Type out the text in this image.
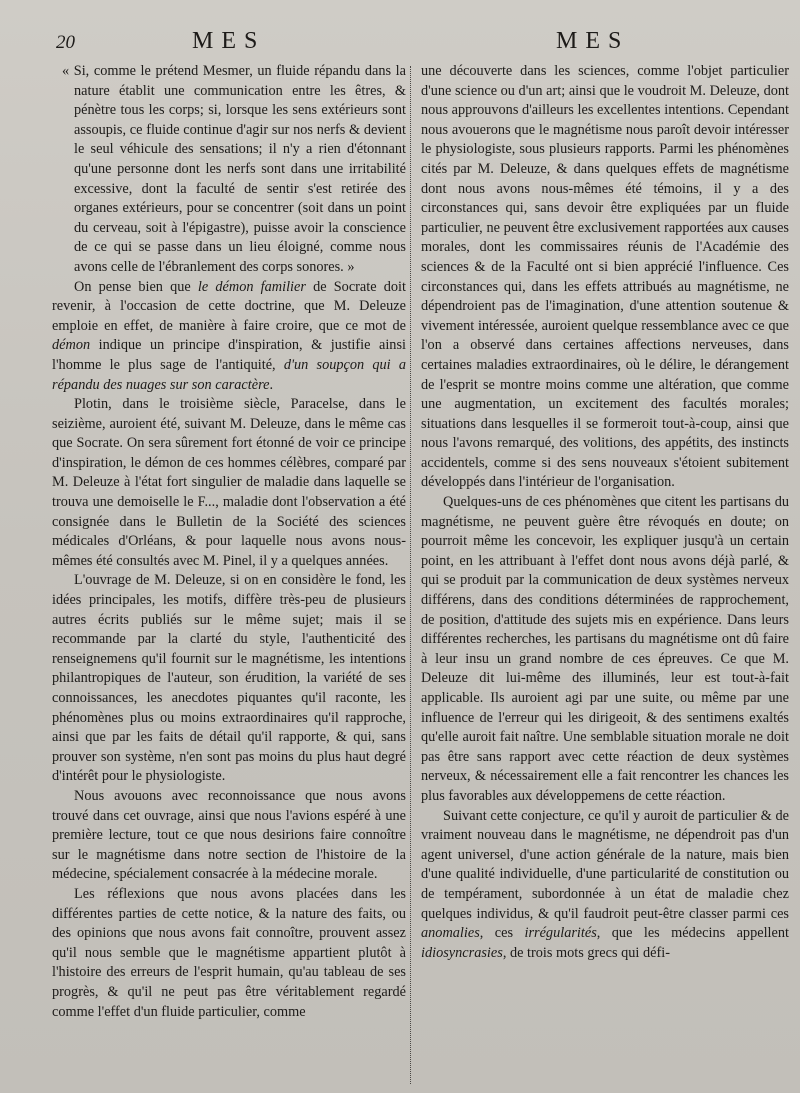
20	MES	MES

« Si, comme le prétend Mesmer, un fluide répandu dans la nature établit une communication entre les êtres, & pénètre tous les corps; si, lorsque les sens extérieurs sont assoupis, ce fluide continue d'agir sur nos nerfs & devient le seul véhicule des sensations; il n'y a rien d'étonnant qu'une personne dont les nerfs sont dans une irritabilité excessive, dont la faculté de sentir s'est retirée des organes extérieurs, pour se concentrer (soit dans un point du cerveau, soit à l'épigastre), puisse avoir la conscience de ce qui se passe dans un lieu éloigné, comme nous avons celle de l'ébranlement des corps sonores. »

On pense bien que le démon familier de Socrate doit revenir, à l'occasion de cette doctrine, que M. Deleuze emploie en effet, de manière à faire croire, que ce mot de démon indique un principe d'inspiration, & justifie ainsi l'homme le plus sage de l'antiquité, d'un soupçon qui a répandu des nuages sur son caractère.

Plotin, dans le troisième siècle, Paracelse, dans le seizième, auroient été, suivant M. Deleuze, dans le même cas que Socrate. On sera sûrement fort étonné de voir ce principe d'inspiration, le démon de ces hommes célèbres, comparé par M. Deleuze à l'état fort singulier de maladie dans laquelle se trouva une demoiselle le F..., maladie dont l'observation a été consignée dans le Bulletin de la Société des sciences médicales d'Orléans, & pour laquelle nous avons nous-mêmes été consultés avec M. Pinel, il y a quelques années.

L'ouvrage de M. Deleuze, si on en considère le fond, les idées principales, les motifs, diffère très-peu de plusieurs autres écrits publiés sur le même sujet; mais il se recommande par la clarté du style, l'authenticité des renseignemens qu'il fournit sur le magnétisme, les intentions philantropiques de l'auteur, son érudition, la variété de ses connoissances, les anecdotes piquantes qu'il raconte, les phénomènes plus ou moins extraordinaires qu'il rapproche, ainsi que par les faits de détail qu'il rapporte, & qui, sans prouver son système, n'en sont pas moins du plus haut degré d'intérêt pour le physiologiste.

Nous avouons avec reconnoissance que nous avons trouvé dans cet ouvrage, ainsi que nous l'avions espéré à une première lecture, tout ce que nous desirions faire connoître sur le magnétisme dans notre section de l'histoire de la médecine, spécialement consacrée à la médecine morale.

Les réflexions que nous avons placées dans les différentes parties de cette notice, & la nature des faits, ou des opinions que nous avons fait connoître, prouvent assez qu'il nous semble que le magnétisme appartient plutôt à l'histoire des erreurs de l'esprit humain, qu'au tableau de ses progrès, & qu'il ne peut pas être véritablement regardé comme l'effet d'un fluide particulier, comme

une découverte dans les sciences, comme l'objet particulier d'une science ou d'un art; ainsi que le voudroit M. Deleuze, dont nous approuvons d'ailleurs les excellentes intentions. Cependant nous avouerons que le magnétisme nous paroît devoir intéresser le physiologiste, sous plusieurs rapports. Parmi les phénomènes cités par M. Deleuze, & dans quelques effets de magnétisme dont nous avons nous-mêmes été témoins, il y a des circonstances qui, sans devoir être expliquées par un fluide particulier, ne peuvent être exclusivement rapportées aux causes morales, dont les commissaires réunis de l'Académie des sciences & de la Faculté ont si bien apprécié l'influence. Ces circonstances qui, dans les effets attribués au magnétisme, ne dépendroient pas de l'imagination, d'une attention soutenue & vivement intéressée, auroient quelque ressemblance avec ce que l'on a observé dans certaines affections nerveuses, dans certaines maladies extraordinaires, où le délire, le dérangement de l'esprit se montre moins comme une altération, que comme une augmentation, un excitement des facultés morales; situations dans lesquelles il se formeroit tout-à-coup, ainsi que nous l'avons remarqué, des volitions, des appétits, des instincts accidentels, comme si des sens nouveaux s'étoient subitement développés dans l'intérieur de l'organisation.

Quelques-uns de ces phénomènes que citent les partisans du magnétisme, ne peuvent guère être révoqués en doute; on pourroit même les concevoir, les expliquer jusqu'à un certain point, en les attribuant à l'effet dont nous avons déjà parlé, & qui se produit par la communication de deux systèmes nerveux différens, dans des conditions déterminées de rapprochement, de position, d'attitude des sujets mis en expérience. Dans leurs différentes recherches, les partisans du magnétisme ont dû faire à leur insu un grand nombre de ces épreuves. Ce que M. Deleuze dit lui-même des illuminés, leur est tout-à-fait applicable. Ils auroient agi par une suite, ou même par une influence de l'erreur qui les dirigeoit, & des sentimens exaltés qu'elle auroit fait naître. Une semblable situation morale ne doit pas être sans rapport avec cette réaction de deux systèmes nerveux, & nécessairement elle a fait rencontrer les chances les plus favorables aux développemens de cette réaction.

Suivant cette conjecture, ce qu'il y auroit de particulier & de vraiment nouveau dans le magnétisme, ne dépendroit pas d'un agent universel, d'une action générale de la nature, mais bien d'une qualité individuelle, d'une particularité de constitution ou de tempérament, subordonnée à un état de maladie chez quelques individus, & qu'il faudroit peut-être classer parmi ces anomalies, ces irrégularités, que les médecins appellent idiosyncrasies, de trois mots grecs qui défi-
